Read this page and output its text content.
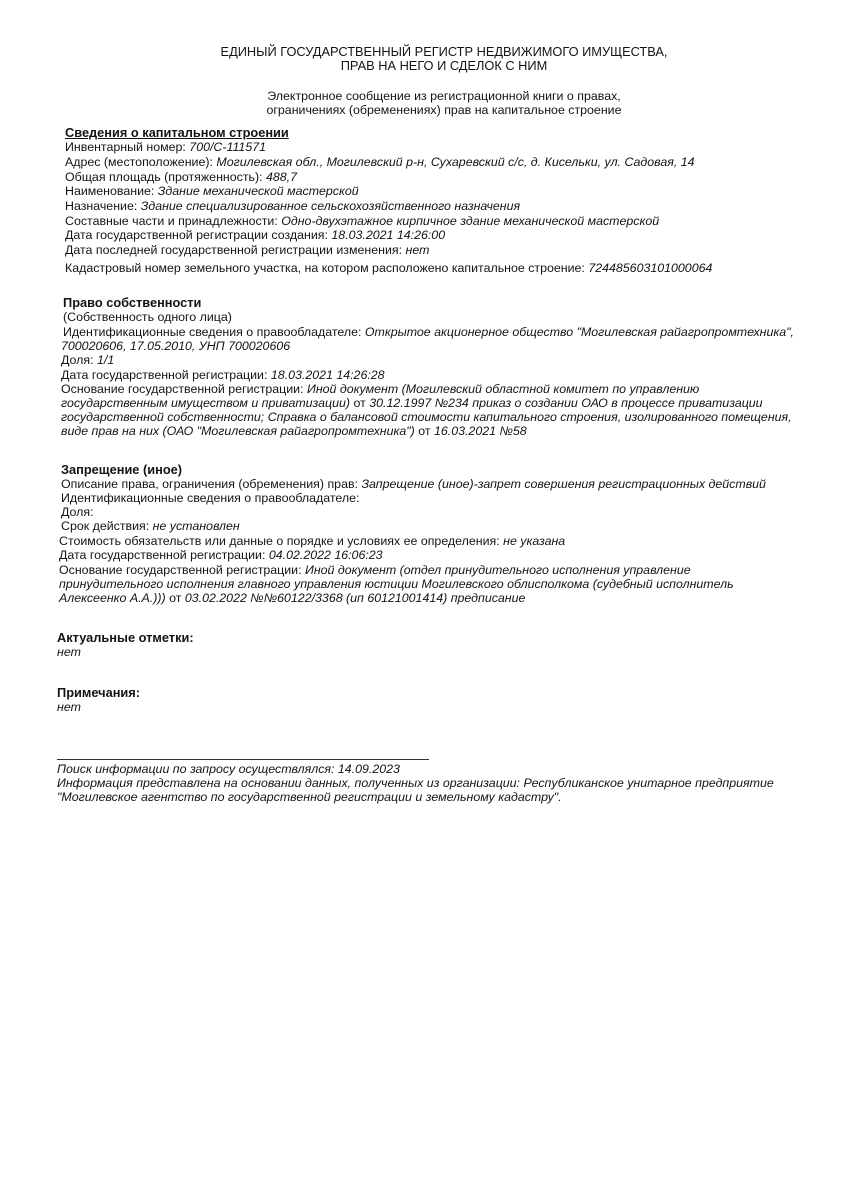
ЕДИНЫЙ ГОСУДАРСТВЕННЫЙ РЕГИСТР НЕДВИЖИМОГО ИМУЩЕСТВА,
ПРАВ НА НЕГО И СДЕЛОК С НИМ
Электронное сообщение из регистрационной книги о правах,
ограничениях (обременениях) прав на капитальное строение
Сведения о капитальном строении
Инвентарный номер: 700/С-111571
Адрес (местоположение): Могилевская обл., Могилевский р-н, Сухаревский с/с, д. Кисельки, ул. Садовая, 14
Общая площадь (протяженность): 488,7
Наименование: Здание механической мастерской
Назначение: Здание специализированное сельскохозяйственного назначения
Составные части и принадлежности: Одно-двухэтажное кирпичное здание механической мастерской
Дата государственной регистрации создания: 18.03.2021 14:26:00
Дата последней государственной регистрации изменения: нет
Кадастровый номер земельного участка, на котором расположено капитальное строение: 724485603101000064
Право собственности
(Собственность одного лица)
Идентификационные сведения о правообладателе: Открытое акционерное общество "Могилевская райагропромтехника",
700020606, 17.05.2010, УНП 700020606
Доля: 1/1
Дата государственной регистрации: 18.03.2021 14:26:28
Основание государственной регистрации: Иной документ (Могилевский областной комитет по управлению
государственным имуществом и приватизации) от 30.12.1997 №234 приказ о создании ОАО в процессе приватизации
государственной собственности; Справка о балансовой стоимости капитального строения, изолированного помещения,
виде прав на них (ОАО "Могилевская райагропромтехника") от 16.03.2021 №58
Запрещение (иное)
Описание права, ограничения (обременения) прав: Запрещение (иное)-запрет совершения регистрационных действий
Идентификационные сведения о правообладателе:
Доля:
Срок действия: не установлен
Стоимость обязательств или данные о порядке и условиях ее определения: не указана
Дата государственной регистрации: 04.02.2022 16:06:23
Основание государственной регистрации: Иной документ (отдел принудительного исполнения управление
принудительного исполнения главного управления юстиции Могилевского облисполкома (судебный исполнитель
Алексеенко А.А.))) от 03.02.2022 №№60122/3368 (ип 60121001414) предписание
Актуальные отметки:
нет
Примечания:
нет
Поиск информации по запросу осуществлялся: 14.09.2023
Информация представлена на основании данных, полученных из организации: Республиканское унитарное предприятие
"Могилевское агентство по государственной регистрации и земельному кадастру".
